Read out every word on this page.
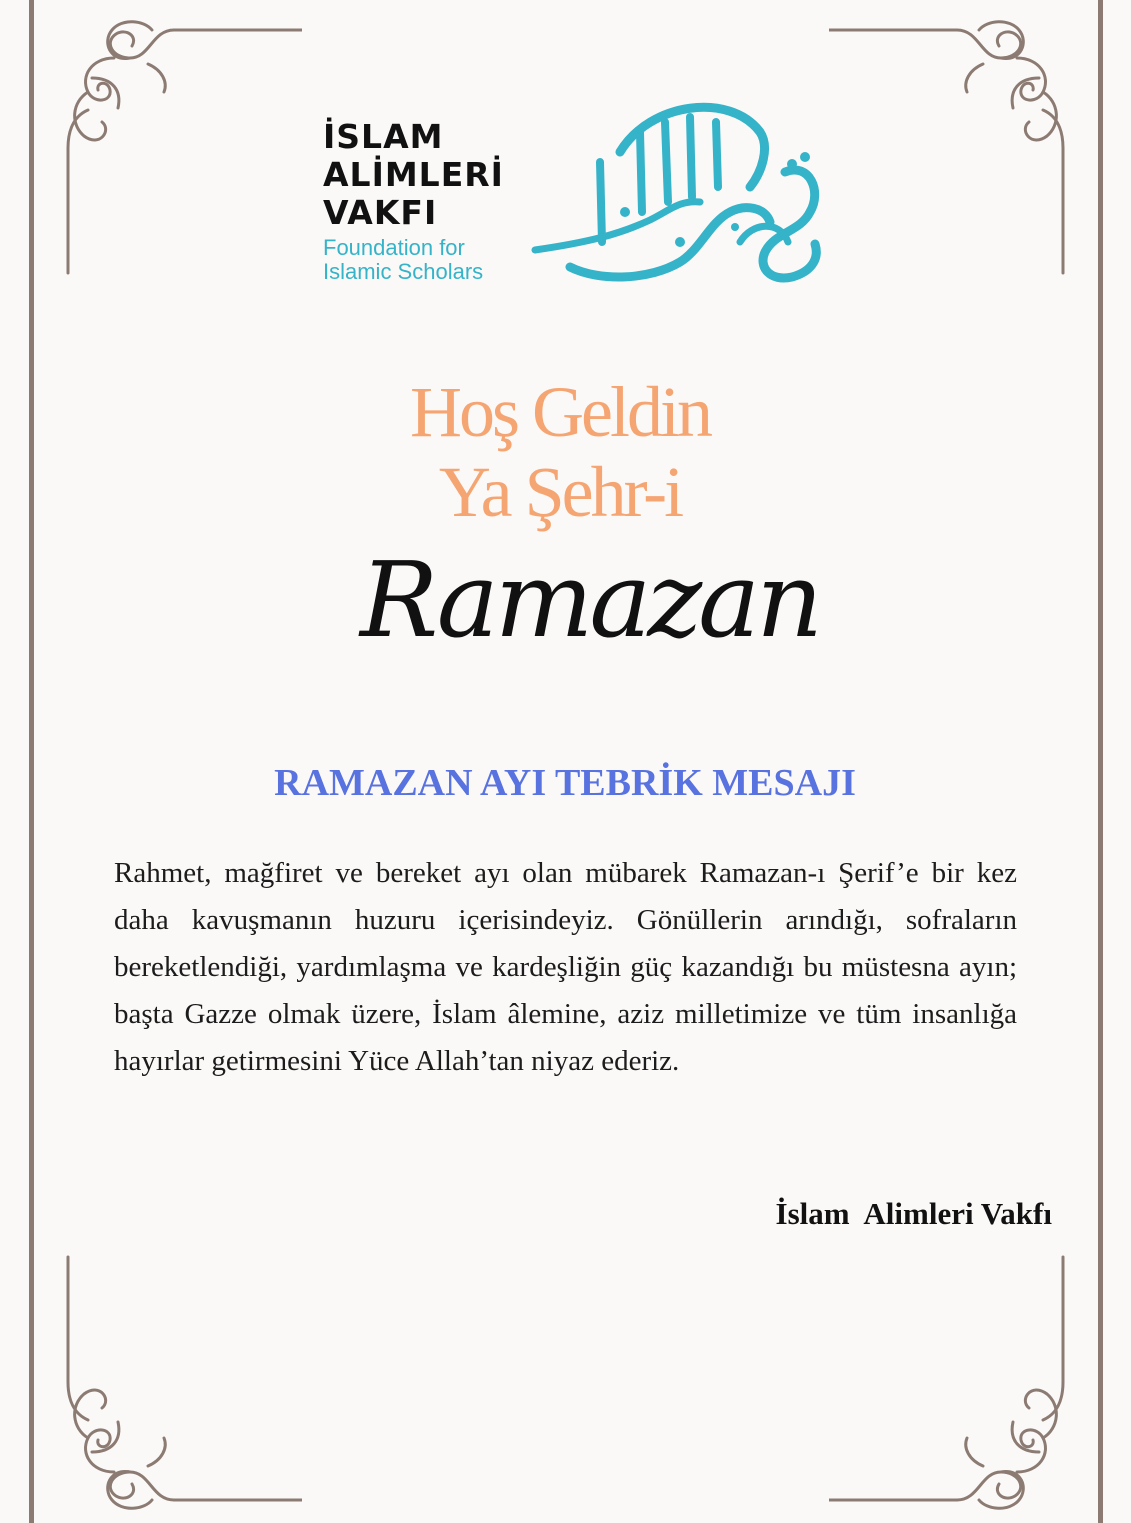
İSLAM
ALİMLERİ
VAKFI
Foundation for
Islamic Scholars
Hoş Geldin
Ya Şehr-i
Ramazan
RAMAZAN AYI TEBRİK MESAJI

Rahmet, mağfiret ve bereket ayı olan mübarek Ramazan-ı Şerif’e bir kez daha kavuşmanın huzuru içerisindeyiz. Gönüllerin arındığı, sofraların bereketlendiği, yardımlaşma ve kardeşliğin güç kazandığı bu müstesna ayın; başta Gazze olmak üzere, İslam âlemine, aziz milletimize ve tüm insanlığa hayırlar getirmesini Yüce Allah’tan niyaz ederiz.

İslam  Alimleri Vakfı
